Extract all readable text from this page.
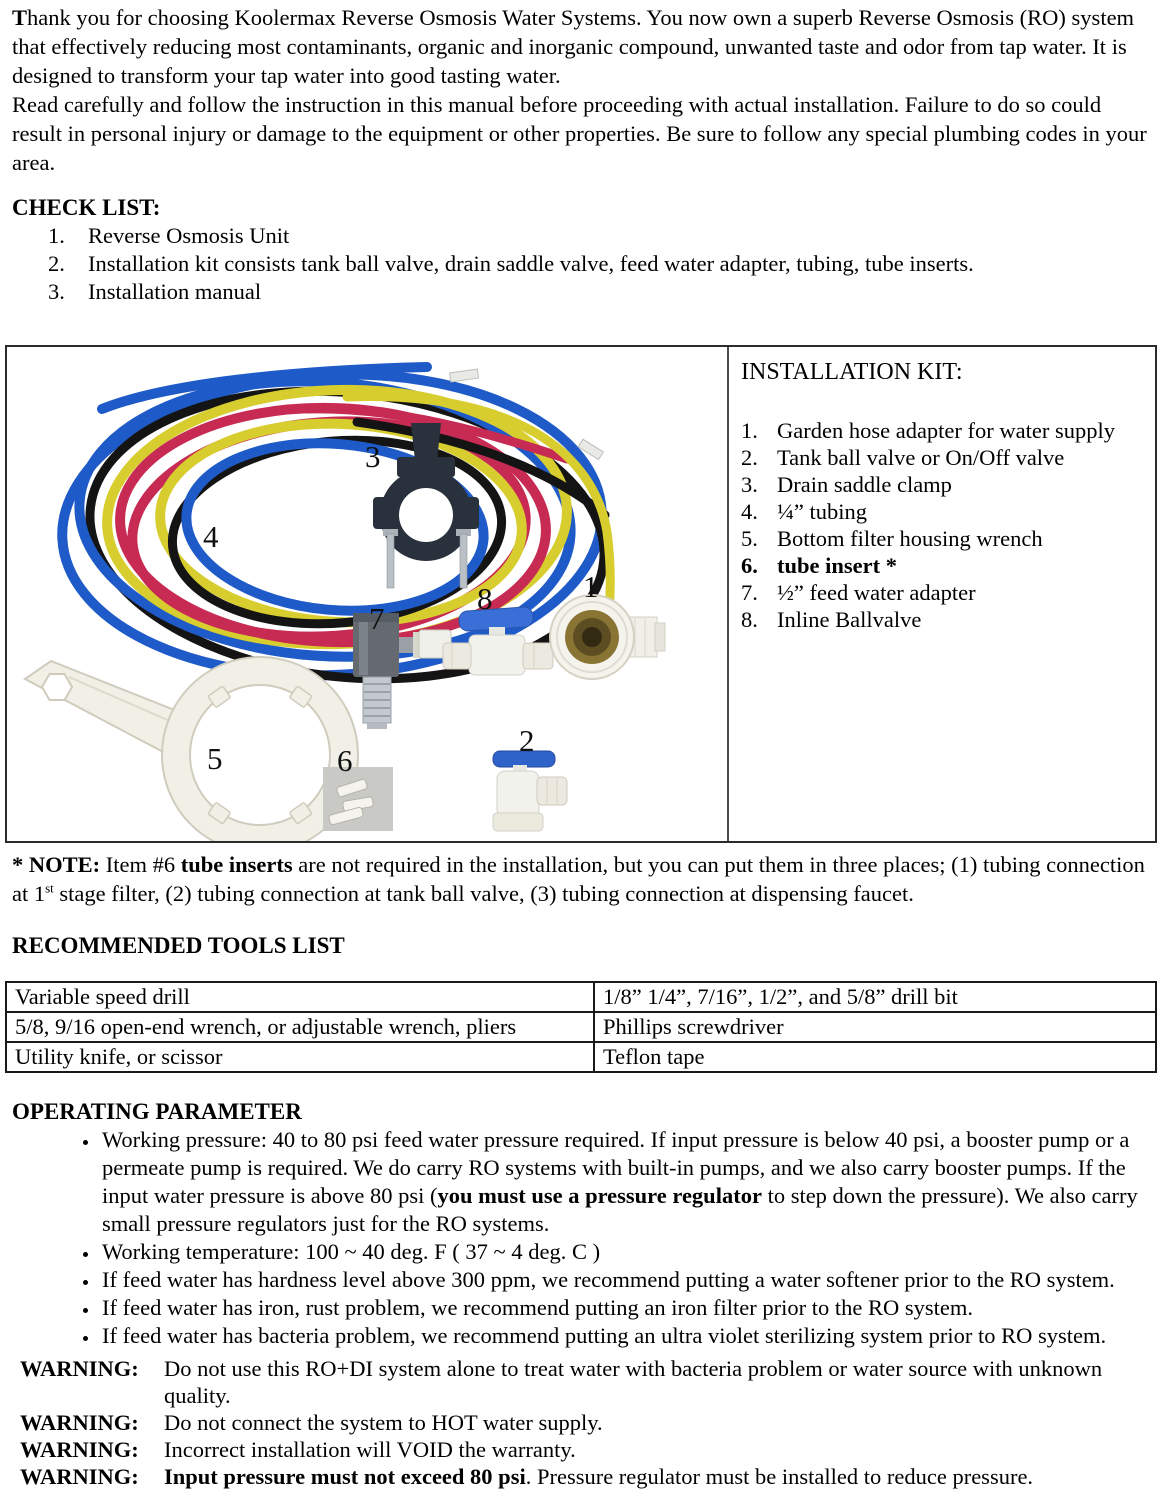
Thank you for choosing Koolermax Reverse Osmosis Water Systems. You now own a superb Reverse Osmosis (RO) system that effectively reducing most contaminants, organic and inorganic compound, unwanted taste and odor from tap water. It is designed to transform your tap water into good tasting water.

Read carefully and follow the instruction in this manual before proceeding with actual installation. Failure to do so could result in personal injury or damage to the equipment or other properties. Be sure to follow any special plumbing codes in your area.

CHECK LIST:
1.	Reverse Osmosis Unit
2.	Installation kit consists tank ball valve, drain saddle valve, feed water adapter, tubing, tube inserts.
3.	Installation manual
4
3
7
8	1
5	6
2
INSTALLATION KIT:
1. Garden hose adapter for water supply
2. Tank ball valve or On/Off valve
3. Drain saddle clamp
4. ¼” tubing
5. Bottom filter housing wrench
6. tube insert *
7. ½” feed water adapter
8. Inline Ballvalve

* NOTE: Item #6 tube inserts are not required in the installation, but you can put them in three places; (1) tubing connection at 1st stage filter, (2) tubing connection at tank ball valve, (3) tubing connection at dispensing faucet.

RECOMMENDED TOOLS LIST
Variable speed drill	1/8” 1/4”, 7/16”, 1/2”, and 5/8” drill bit
5/8, 9/16 open-end wrench, or adjustable wrench, pliers	Phillips screwdriver
Utility knife, or scissor	Teflon tape
OPERATING PARAMETER
• Working pressure: 40 to 80 psi feed water pressure required. If input pressure is below 40 psi, a booster pump or a permeate pump is required. We do carry RO systems with built-in pumps, and we also carry booster pumps. If the input water pressure is above 80 psi (you must use a pressure regulator to step down the pressure). We also carry small pressure regulators just for the RO systems.
• Working temperature: 100 ~ 40 deg. F ( 37 ~ 4 deg. C )
• If feed water has hardness level above 300 ppm, we recommend putting a water softener prior to the RO system.
• If feed water has iron, rust problem, we recommend putting an iron filter prior to the RO system.
• If feed water has bacteria problem, we recommend putting an ultra violet sterilizing system prior to RO system.
WARNING:	Do not use this RO+DI system alone to treat water with bacteria problem or water source with unknown quality.
WARNING:	Do not connect the system to HOT water supply.
WARNING:	Incorrect installation will VOID the warranty.
WARNING:	Input pressure must not exceed 80 psi. Pressure regulator must be installed to reduce pressure.
